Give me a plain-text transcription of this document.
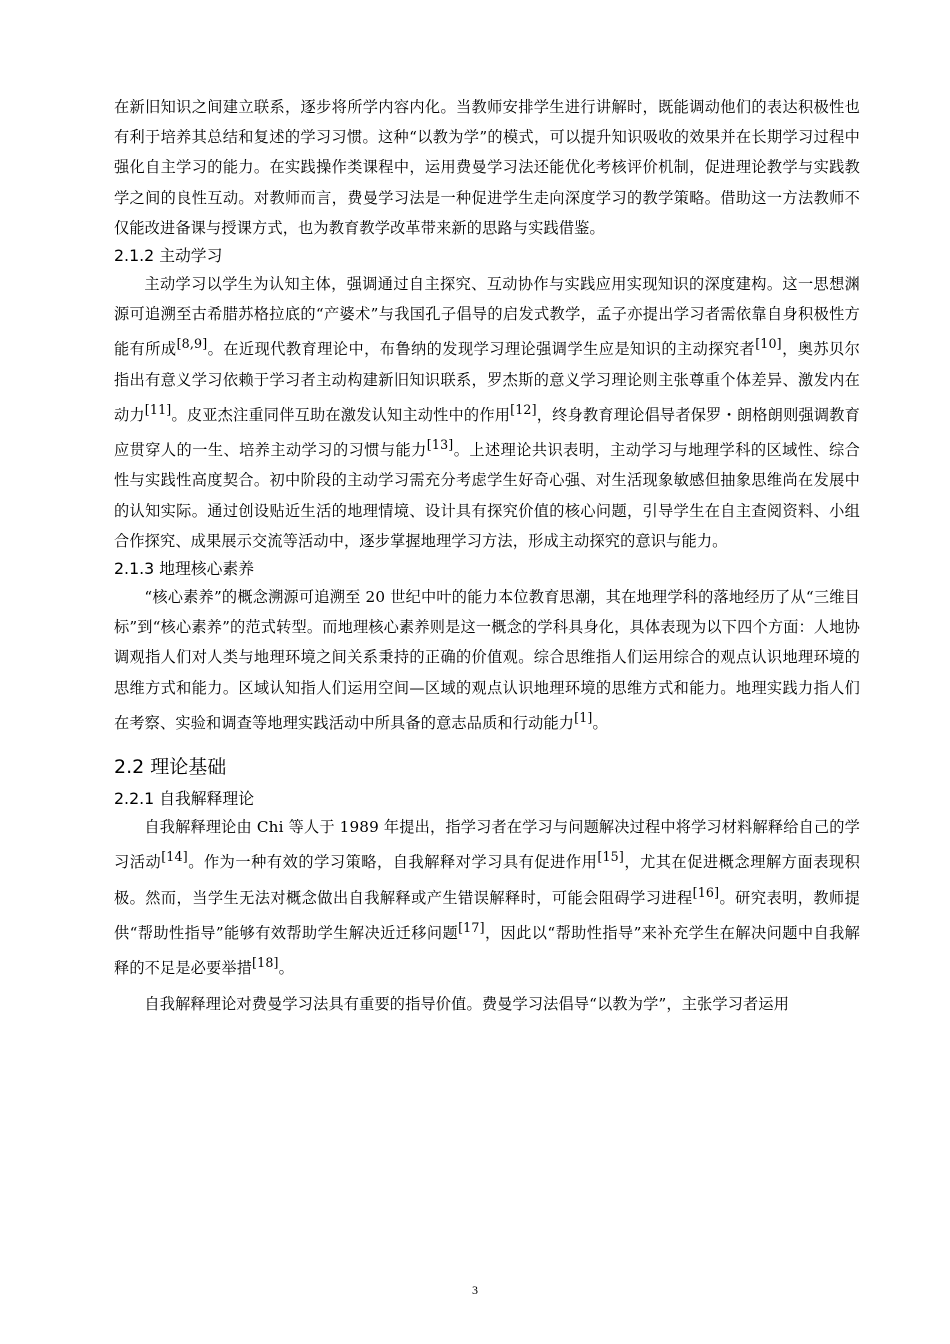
在新旧知识之间建立联系，逐步将所学内容内化。当教师安排学生进行讲解时，既能调动他们的表达积极性也有利于培养其总结和复述的学习习惯。这种“以教为学”的模式，可以提升知识吸收的效果并在长期学习过程中强化自主学习的能力。在实践操作类课程中，运用费曼学习法还能优化考核评价机制，促进理论教学与实践教学之间的良性互动。对教师而言，费曼学习法是一种促进学生走向深度学习的教学策略。借助这一方法教师不仅能改进备课与授课方式，也为教育教学改革带来新的思路与实践借鉴。

2.1.2 主动学习

主动学习以学生为认知主体，强调通过自主探究、互动协作与实践应用实现知识的深度建构。这一思想渊源可追溯至古希腊苏格拉底的“产婆术”与我国孔子倡导的启发式教学，孟子亦提出学习者需依靠自身积极性方能有所成[8,9]。在近现代教育理论中，布鲁纳的发现学习理论强调学生应是知识的主动探究者[10]，奥苏贝尔指出有意义学习依赖于学习者主动构建新旧知识联系，罗杰斯的意义学习理论则主张尊重个体差异、激发内在动力[11]。皮亚杰注重同伴互助在激发认知主动性中的作用[12]，终身教育理论倡导者保罗・朗格朗则强调教育应贯穿人的一生、培养主动学习的习惯与能力[13]。上述理论共识表明，主动学习与地理学科的区域性、综合性与实践性高度契合。初中阶段的主动学习需充分考虑学生好奇心强、对生活现象敏感但抽象思维尚在发展中的认知实际。通过创设贴近生活的地理情境、设计具有探究价值的核心问题，引导学生在自主查阅资料、小组合作探究、成果展示交流等活动中，逐步掌握地理学习方法，形成主动探究的意识与能力。

2.1.3 地理核心素养

“核心素养”的概念溯源可追溯至 20 世纪中叶的能力本位教育思潮，其在地理学科的落地经历了从“三维目标”到“核心素养”的范式转型。而地理核心素养则是这一概念的学科具身化，具体表现为以下四个方面：人地协调观指人们对人类与地理环境之间关系秉持的正确的价值观。综合思维指人们运用综合的观点认识地理环境的思维方式和能力。区域认知指人们运用空间—区域的观点认识地理环境的思维方式和能力。地理实践力指人们在考察、实验和调查等地理实践活动中所具备的意志品质和行动能力[1]。

2.2 理论基础
2.2.1 自我解释理论

自我解释理论由 Chi 等人于 1989 年提出，指学习者在学习与问题解决过程中将学习材料解释给自己的学习活动[14]。作为一种有效的学习策略，自我解释对学习具有促进作用[15]，尤其在促进概念理解方面表现积极。然而，当学生无法对概念做出自我解释或产生错误解释时，可能会阻碍学习进程[16]。研究表明，教师提供“帮助性指导”能够有效帮助学生解决近迁移问题[17]，因此以“帮助性指导”来补充学生在解决问题中自我解释的不足是必要举措[18]。

自我解释理论对费曼学习法具有重要的指导价值。费曼学习法倡导“以教为学”，主张学习者运用

3
